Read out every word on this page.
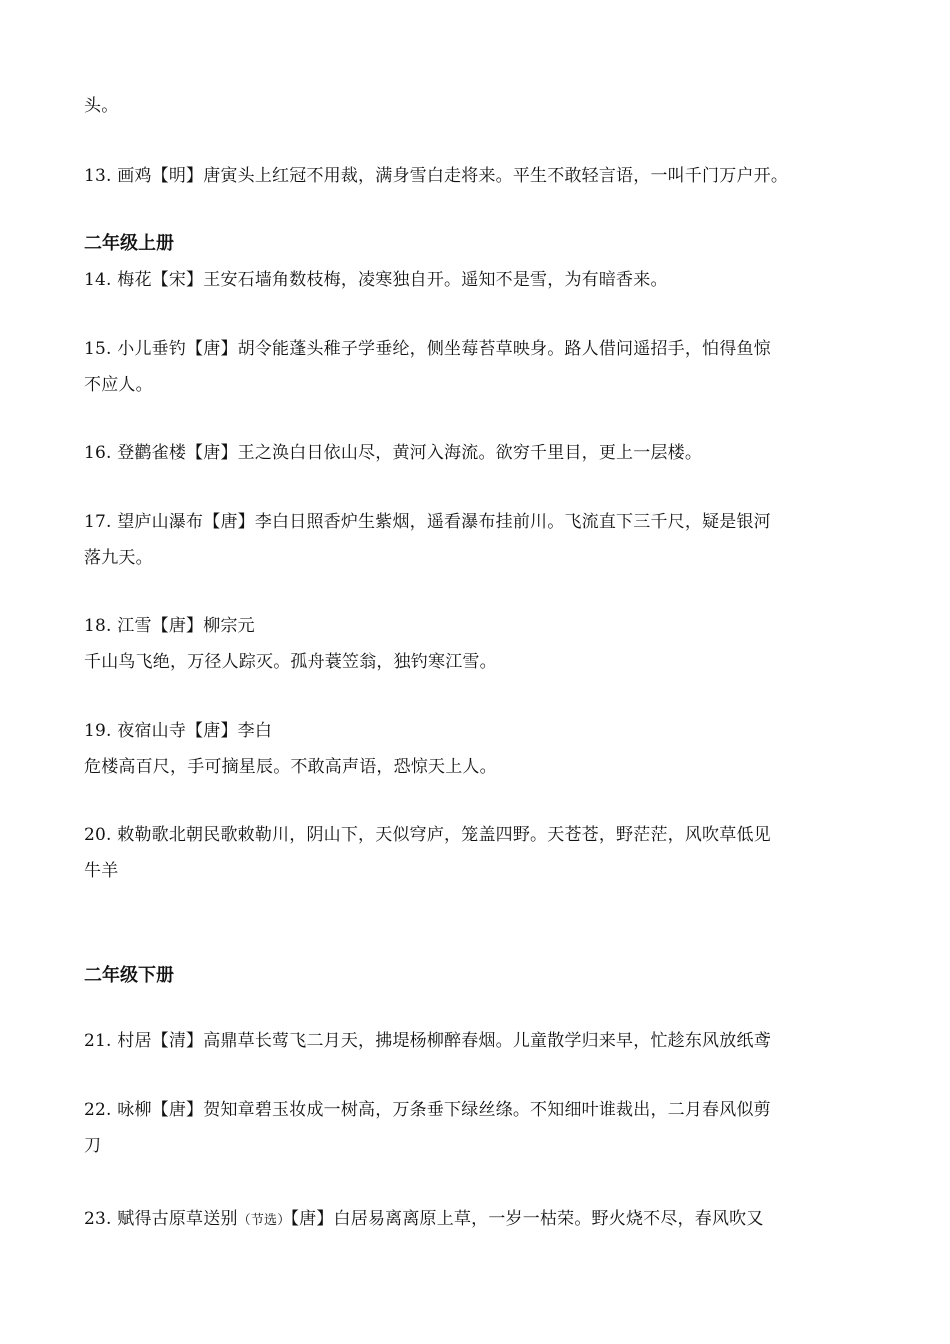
头。
13. 画鸡【明】唐寅头上红冠不用裁，满身雪白走将来。平生不敢轻言语，一叫千门万户开。
二年级上册
14. 梅花【宋】王安石墙角数枝梅，凌寒独自开。遥知不是雪，为有暗香来。
15. 小儿垂钓【唐】胡令能蓬头稚子学垂纶，侧坐莓苔草映身。路人借问遥招手，怕得鱼惊
不应人。
16. 登鹳雀楼【唐】王之涣白日依山尽，黄河入海流。欲穷千里目，更上一层楼。
17. 望庐山瀑布【唐】李白日照香炉生紫烟，遥看瀑布挂前川。飞流直下三千尺，疑是银河
落九天。
18. 江雪【唐】柳宗元
千山鸟飞绝，万径人踪灭。孤舟蓑笠翁，独钓寒江雪。
19. 夜宿山寺【唐】李白
危楼高百尺，手可摘星辰。不敢高声语，恐惊天上人。
20. 敕勒歌北朝民歌敕勒川，阴山下，天似穹庐，笼盖四野。天苍苍，野茫茫，风吹草低见
牛羊
二年级下册
21. 村居【清】高鼎草长莺飞二月天，拂堤杨柳醉春烟。儿童散学归来早，忙趁东风放纸鸢
22. 咏柳【唐】贺知章碧玉妆成一树高，万条垂下绿丝绦。不知细叶谁裁出，二月春风似剪
刀
23. 赋得古原草送别（节选）【唐】白居易离离原上草，一岁一枯荣。野火烧不尽，春风吹又
